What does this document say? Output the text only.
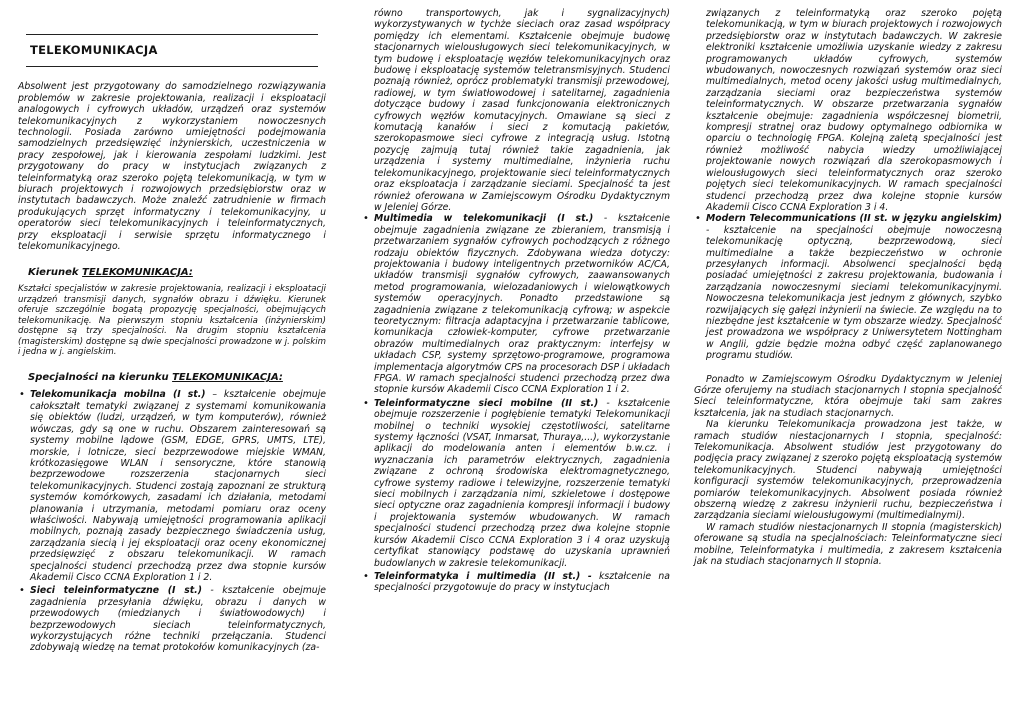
TELEKOMUNIKACJA

Absolwent jest przygotowany do samodzielnego rozwiązywania problemów w zakresie projektowania, realizacji i eksploatacji analogowych i cyfrowych układów, urządzeń oraz systemów telekomunikacyjnych z wykorzystaniem nowoczesnych technologii. Posiada zarówno umiejętności podejmowania samodzielnych przedsięwzięć inżynierskich, uczestniczenia w pracy zespołowej, jak i kierowania zespołami ludzkimi. Jest przygotowany do pracy w instytucjach związanych z teleinformatyką oraz szeroko pojętą telekomunikacją, w tym w biurach projektowych i rozwojowych przedsiębiorstw oraz w instytutach badawczych. Może znaleźć zatrudnienie w firmach produkujących sprzęt informatyczny i telekomunikacyjny, u operatorów sieci telekomunikacyjnych i teleinformatycznych, przy eksploatacji i serwisie sprzętu informatycznego i telekomunikacyjnego.

Kierunek TELEKOMUNIKACJA:

Kształci specjalistów w zakresie projektowania, realizacji i eksploatacji urządzeń transmisji danych, sygnałów obrazu i dźwięku. Kierunek oferuje szczególnie bogatą propozycję specjalności, obejmujących telekomunikację. Na pierwszym stopniu kształcenia (inżynierskim) dostępne są trzy specjalności. Na drugim stopniu kształcenia (magisterskim) dostępne są dwie specjalności prowadzone w j. polskim i jedna w j. angielskim.

Specjalności na kierunku TELEKOMUNIKACJA:
• Telekomunikacja mobilna (I st.) – kształcenie obejmuje całokształt tematyki związanej z systemami komunikowania się obiektów (ludzi, urządzeń, w tym komputerów), również wówczas, gdy są one w ruchu. Obszarem zainteresowań są systemy mobilne lądowe (GSM, EDGE, GPRS, UMTS, LTE), morskie, i lotnicze, sieci bezprzewodowe miejskie WMAN, krótkozasięgowe WLAN i sensoryczne, które stanowią bezprzewodowe rozszerzenia stacjonarnych sieci telekomunikacyjnych. Studenci zostają zapoznani ze strukturą systemów komórkowych, zasadami ich działania, metodami planowania i utrzymania, metodami pomiaru oraz oceny właściwości. Nabywają umiejętności programowania aplikacji mobilnych, poznają zasady bezpiecznego świadczenia usług, zarządzania siecią i jej eksploatacji oraz oceny ekonomicznej przedsięwzięć z obszaru telekomunikacji. W ramach specjalności studenci przechodzą przez dwa stopnie kursów Akademii Cisco CCNA Exploration 1 i 2.
• Sieci teleinformatyczne (I st.) - kształcenie obejmuje zagadnienia przesyłania dźwięku, obrazu i danych w przewodowych (miedzianych i światłowodowych) i bezprzewodowych sieciach teleinformatycznych, wykorzystujących różne techniki przełączania. Studenci zdobywają wiedzę na temat protokołów komunikacyjnych (za-

równo transportowych, jak i sygnalizacyjnych) wykorzystywanych w tychże sieciach oraz zasad współpracy pomiędzy ich elementami. Kształcenie obejmuje budowę stacjonarnych wielousługowych sieci telekomunikacyjnych, w tym budowę i eksploatację węzłów telekomunikacyjnych oraz budowę i eksploatację systemów teletransmisyjnych. Studenci poznają również, oprócz problematyki transmisji przewodowej, radiowej, w tym światłowodowej i satelitarnej, zagadnienia dotyczące budowy i zasad funkcjonowania elektronicznych cyfrowych węzłów komutacyjnych. Omawiane są sieci z komutacją kanałów i sieci z komutacją pakietów, szerokopasmowe sieci cyfrowe z integracją usług. Istotną pozycję zajmują tutaj również takie zagadnienia, jak urządzenia i systemy multimedialne, inżynieria ruchu telekomunikacyjnego, projektowanie sieci teleinformatycznych oraz eksploatacja i zarządzanie sieciami. Specjalność ta jest również oferowana w Zamiejscowym Ośrodku Dydaktycznym w Jeleniej Górze.

• Multimedia w telekomunikacji (I st.) - kształcenie obejmuje zagadnienia związane ze zbieraniem, transmisją i przetwarzaniem sygnałów cyfrowych pochodzących z różnego rodzaju obiektów fizycznych. Zdobywana wiedza dotyczy: projektowania i budowy inteligentnych przetworników AC/CA, układów transmisji sygnałów cyfrowych, zaawansowanych metod programowania, wielozadaniowych i wielowątkowych systemów operacyjnych. Ponadto przedstawione są zagadnienia związane z telekomunikacją cyfrową; w aspekcie teoretycznym: filtracja adaptacyjna i przetwarzanie tablicowe, komunikacja człowiek-komputer, cyfrowe przetwarzanie obrazów multimedialnych oraz praktycznym: interfejsy w układach CSP, systemy sprzętowo-programowe, programowa implementacja algorytmów CPS na procesorach DSP i układach FPGA. W ramach specjalności studenci przechodzą przez dwa stopnie kursów Akademii Cisco CCNA Exploration 1 i 2.
• Teleinformatyczne sieci mobilne (II st.) - kształcenie obejmuje rozszerzenie i pogłębienie tematyki Telekomunikacji mobilnej o techniki wysokiej częstotliwości, satelitarne systemy łączności (VSAT, Inmarsat, Thuraya,...), wykorzystanie aplikacji do modelowania anten i elementów b.w.cz. i wyznaczania ich parametrów elektrycznych, zagadnienia związane z ochroną środowiska elektromagnetycznego, cyfrowe systemy radiowe i telewizyjne, rozszerzenie tematyki sieci mobilnych i zarządzania nimi, szkieletowe i dostępowe sieci optyczne oraz zagadnienia kompresji informacji i budowy i projektowania systemów wbudowanych. W ramach specjalności studenci przechodzą przez dwa kolejne stopnie kursów Akademii Cisco CCNA Exploration 3 i 4 oraz uzyskują certyfikat stanowiący podstawę do uzyskania uprawnień budowlanych w zakresie telekomunikacji.
• Teleinformatyka i multimedia (II st.) - kształcenie na specjalności przygotowuje do pracy w instytucjach

związanych z teleinformatyką oraz szeroko pojętą telekomunikacją, w tym w biurach projektowych i rozwojowych przedsiębiorstw oraz w instytutach badawczych. W zakresie elektroniki kształcenie umożliwia uzyskanie wiedzy z zakresu programowanych układów cyfrowych, systemów wbudowanych, nowoczesnych rozwiązań systemów oraz sieci multimedialnych, metod oceny jakości usług multimedialnych, zarządzania sieciami oraz bezpieczeństwa systemów teleinformatycznych. W obszarze przetwarzania sygnałów kształcenie obejmuje: zagadnienia współczesnej biometrii, kompresji stratnej oraz budowy optymalnego odbiornika w oparciu o technologię FPGA. Kolejną zaletą specjalności jest również możliwość nabycia wiedzy umożliwiającej projektowanie nowych rozwiązań dla szerokopasmowych i wielousługowych sieci teleinformatycznych oraz szeroko pojętych sieci telekomunikacyjnych. W ramach specjalności studenci przechodzą przez dwa kolejne stopnie kursów Akademii Cisco CCNA Exploration 3 i 4.

• Modern Telecommunications (II st. w języku angielskim) - kształcenie na specjalności obejmuje nowoczesną telekomunikację optyczną, bezprzewodową, sieci multimedialne a także bezpieczeństwo w ochronie przesyłanych informacji. Absolwenci specjalności będą posiadać umiejętności z zakresu projektowania, budowania i zarządzania nowoczesnymi sieciami telekomunikacyjnymi. Nowoczesna telekomunikacja jest jednym z głównych, szybko rozwijających się gałęzi inżynierii na świecie. Ze względu na to niezbędne jest kształcenie w tym obszarze wiedzy. Specjalność jest prowadzona we współpracy z Uniwersytetem Nottingham w Anglii, gdzie będzie można odbyć część zaplanowanego programu studiów.

Ponadto w Zamiejscowym Ośrodku Dydaktycznym w Jeleniej Górze oferujemy na studiach stacjonarnych I stopnia specjalność Sieci teleinformatyczne, która obejmuje taki sam zakres kształcenia, jak na studiach stacjonarnych.

Na kierunku Telekomunikacja prowadzona jest także, w ramach studiów niestacjonarnych I stopnia, specjalność: Telekomunikacja. Absolwent studiów jest przygotowany do podjęcia pracy związanej z szeroko pojętą eksploatacją systemów telekomunikacyjnych. Studenci nabywają umiejętności konfiguracji systemów telekomunikacyjnych, przeprowadzenia pomiarów telekomunikacyjnych. Absolwent posiada również obszerną wiedzę z zakresu inżynierii ruchu, bezpieczeństwa i zarządzania sieciami wielousługowymi (multimedialnymi).

W ramach studiów niestacjonarnych II stopnia (magisterskich) oferowane są studia na specjalnościach: Teleinformatyczne sieci mobilne, Teleinformatyka i multimedia, z zakresem kształcenia jak na studiach stacjonarnych II stopnia.
